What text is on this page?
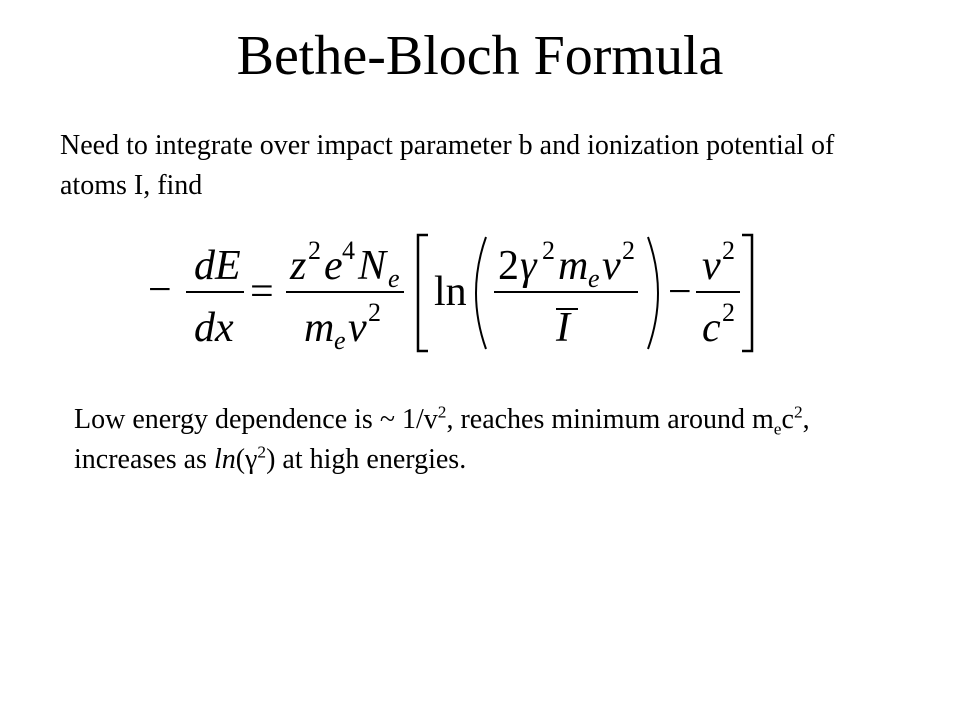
Bethe-Bloch Formula
Need to integrate over impact parameter b and ionization potential of atoms I, find
−
dE
dx
=
z 2 e 4 N e
m e v 2 ln
2 γ 2 m e v 2
I
−
v 2
c 2
Low energy dependence is ~ $1/v^2$, reaches minimum around $m_ec^2$, increases as $\ln(\gamma^2)$ at high energies.
